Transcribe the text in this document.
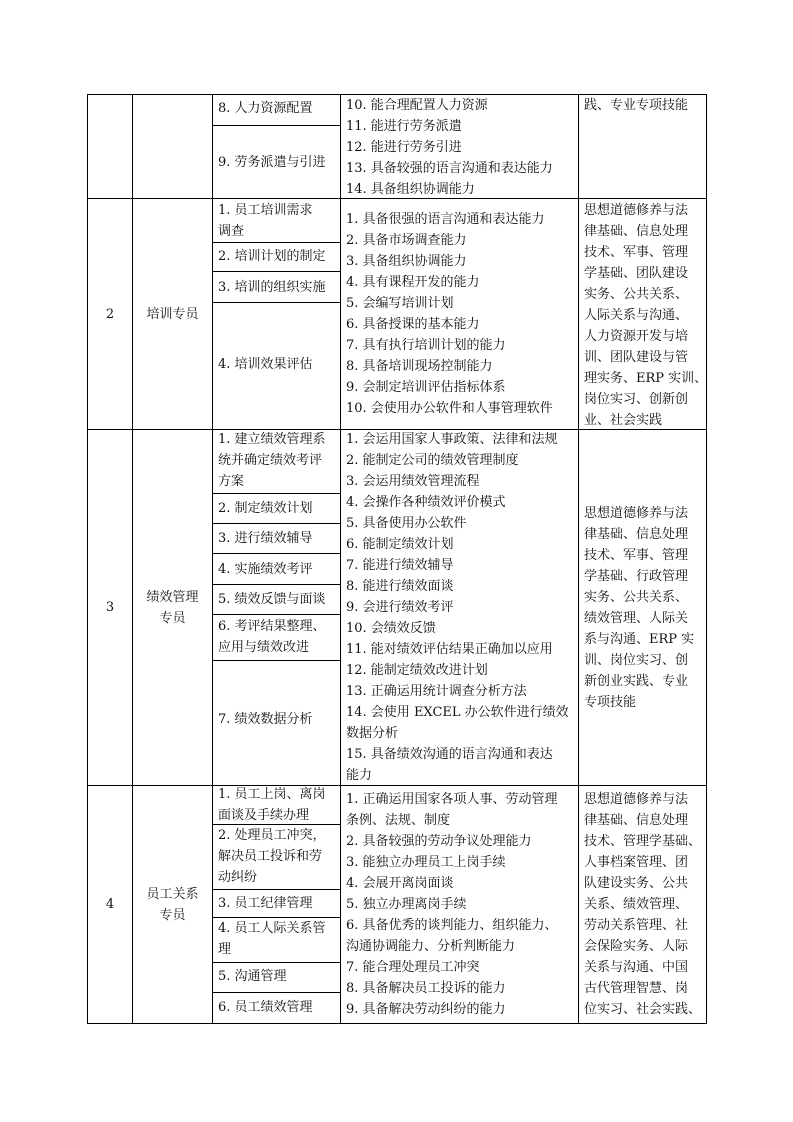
8. 人力资源配置
9. 劳务派遣与引进
10. 能合理配置人力资源
11. 能进行劳务派遣
12. 能进行劳务引进
13. 具备较强的语言沟通和表达能力
14. 具备组织协调能力
践、专业专项技能
2	培训专员
1. 员工培训需求
调查
2. 培训计划的制定
3. 培训的组织实施
4. 培训效果评估
1. 具备很强的语言沟通和表达能力
2. 具备市场调查能力
3. 具备组织协调能力
4. 具有课程开发的能力
5. 会编写培训计划
6. 具备授课的基本能力
7. 具有执行培训计划的能力
8. 具备培训现场控制能力
9. 会制定培训评估指标体系
10. 会使用办公软件和人事管理软件
思想道德修养与法
律基础、信息处理
技术、军事、管理
学基础、团队建设
实务、公共关系、
人际关系与沟通、
人力资源开发与培
训、团队建设与管
理实务、ERP 实训、
岗位实习、创新创
业、社会实践
3
绩效管理
专员
1. 建立绩效管理系
统并确定绩效考评
方案
2. 制定绩效计划
3. 进行绩效辅导
4. 实施绩效考评
5. 绩效反馈与面谈
6. 考评结果整理、
应用与绩效改进
7. 绩效数据分析
1. 会运用国家人事政策、法律和法规
2. 能制定公司的绩效管理制度
3. 会运用绩效管理流程
4. 会操作各种绩效评价模式
5. 具备使用办公软件
6. 能制定绩效计划
7. 能进行绩效辅导
8. 能进行绩效面谈
9. 会进行绩效考评
10. 会绩效反馈
11. 能对绩效评估结果正确加以应用
12. 能制定绩效改进计划
13. 正确运用统计调查分析方法
14. 会使用 EXCEL 办公软件进行绩效
数据分析
15. 具备绩效沟通的语言沟通和表达
能力
思想道德修养与法
律基础、信息处理
技术、军事、管理
学基础、行政管理
实务、公共关系、
绩效管理、人际关
系与沟通、ERP 实
训、岗位实习、创
新创业实践、专业
专项技能
4
员工关系
专员
1. 员工上岗、离岗
面谈及手续办理
2. 处理员工冲突，
解决员工投诉和劳
动纠纷
3. 员工纪律管理
4. 员工人际关系管
理
5. 沟通管理
6. 员工绩效管理
1. 正确运用国家各项人事、劳动管理
条例、法规、制度
2. 具备较强的劳动争议处理能力
3. 能独立办理员工上岗手续
4. 会展开离岗面谈
5. 独立办理离岗手续
6. 具备优秀的谈判能力、组织能力、
沟通协调能力、分析判断能力
7. 能合理处理员工冲突
8. 具备解决员工投诉的能力
9. 具备解决劳动纠纷的能力
思想道德修养与法
律基础、信息处理
技术、管理学基础、
人事档案管理、团
队建设实务、公共
关系、绩效管理、
劳动关系管理、社
会保险实务、人际
关系与沟通、中国
古代管理智慧、岗
位实习、社会实践、
